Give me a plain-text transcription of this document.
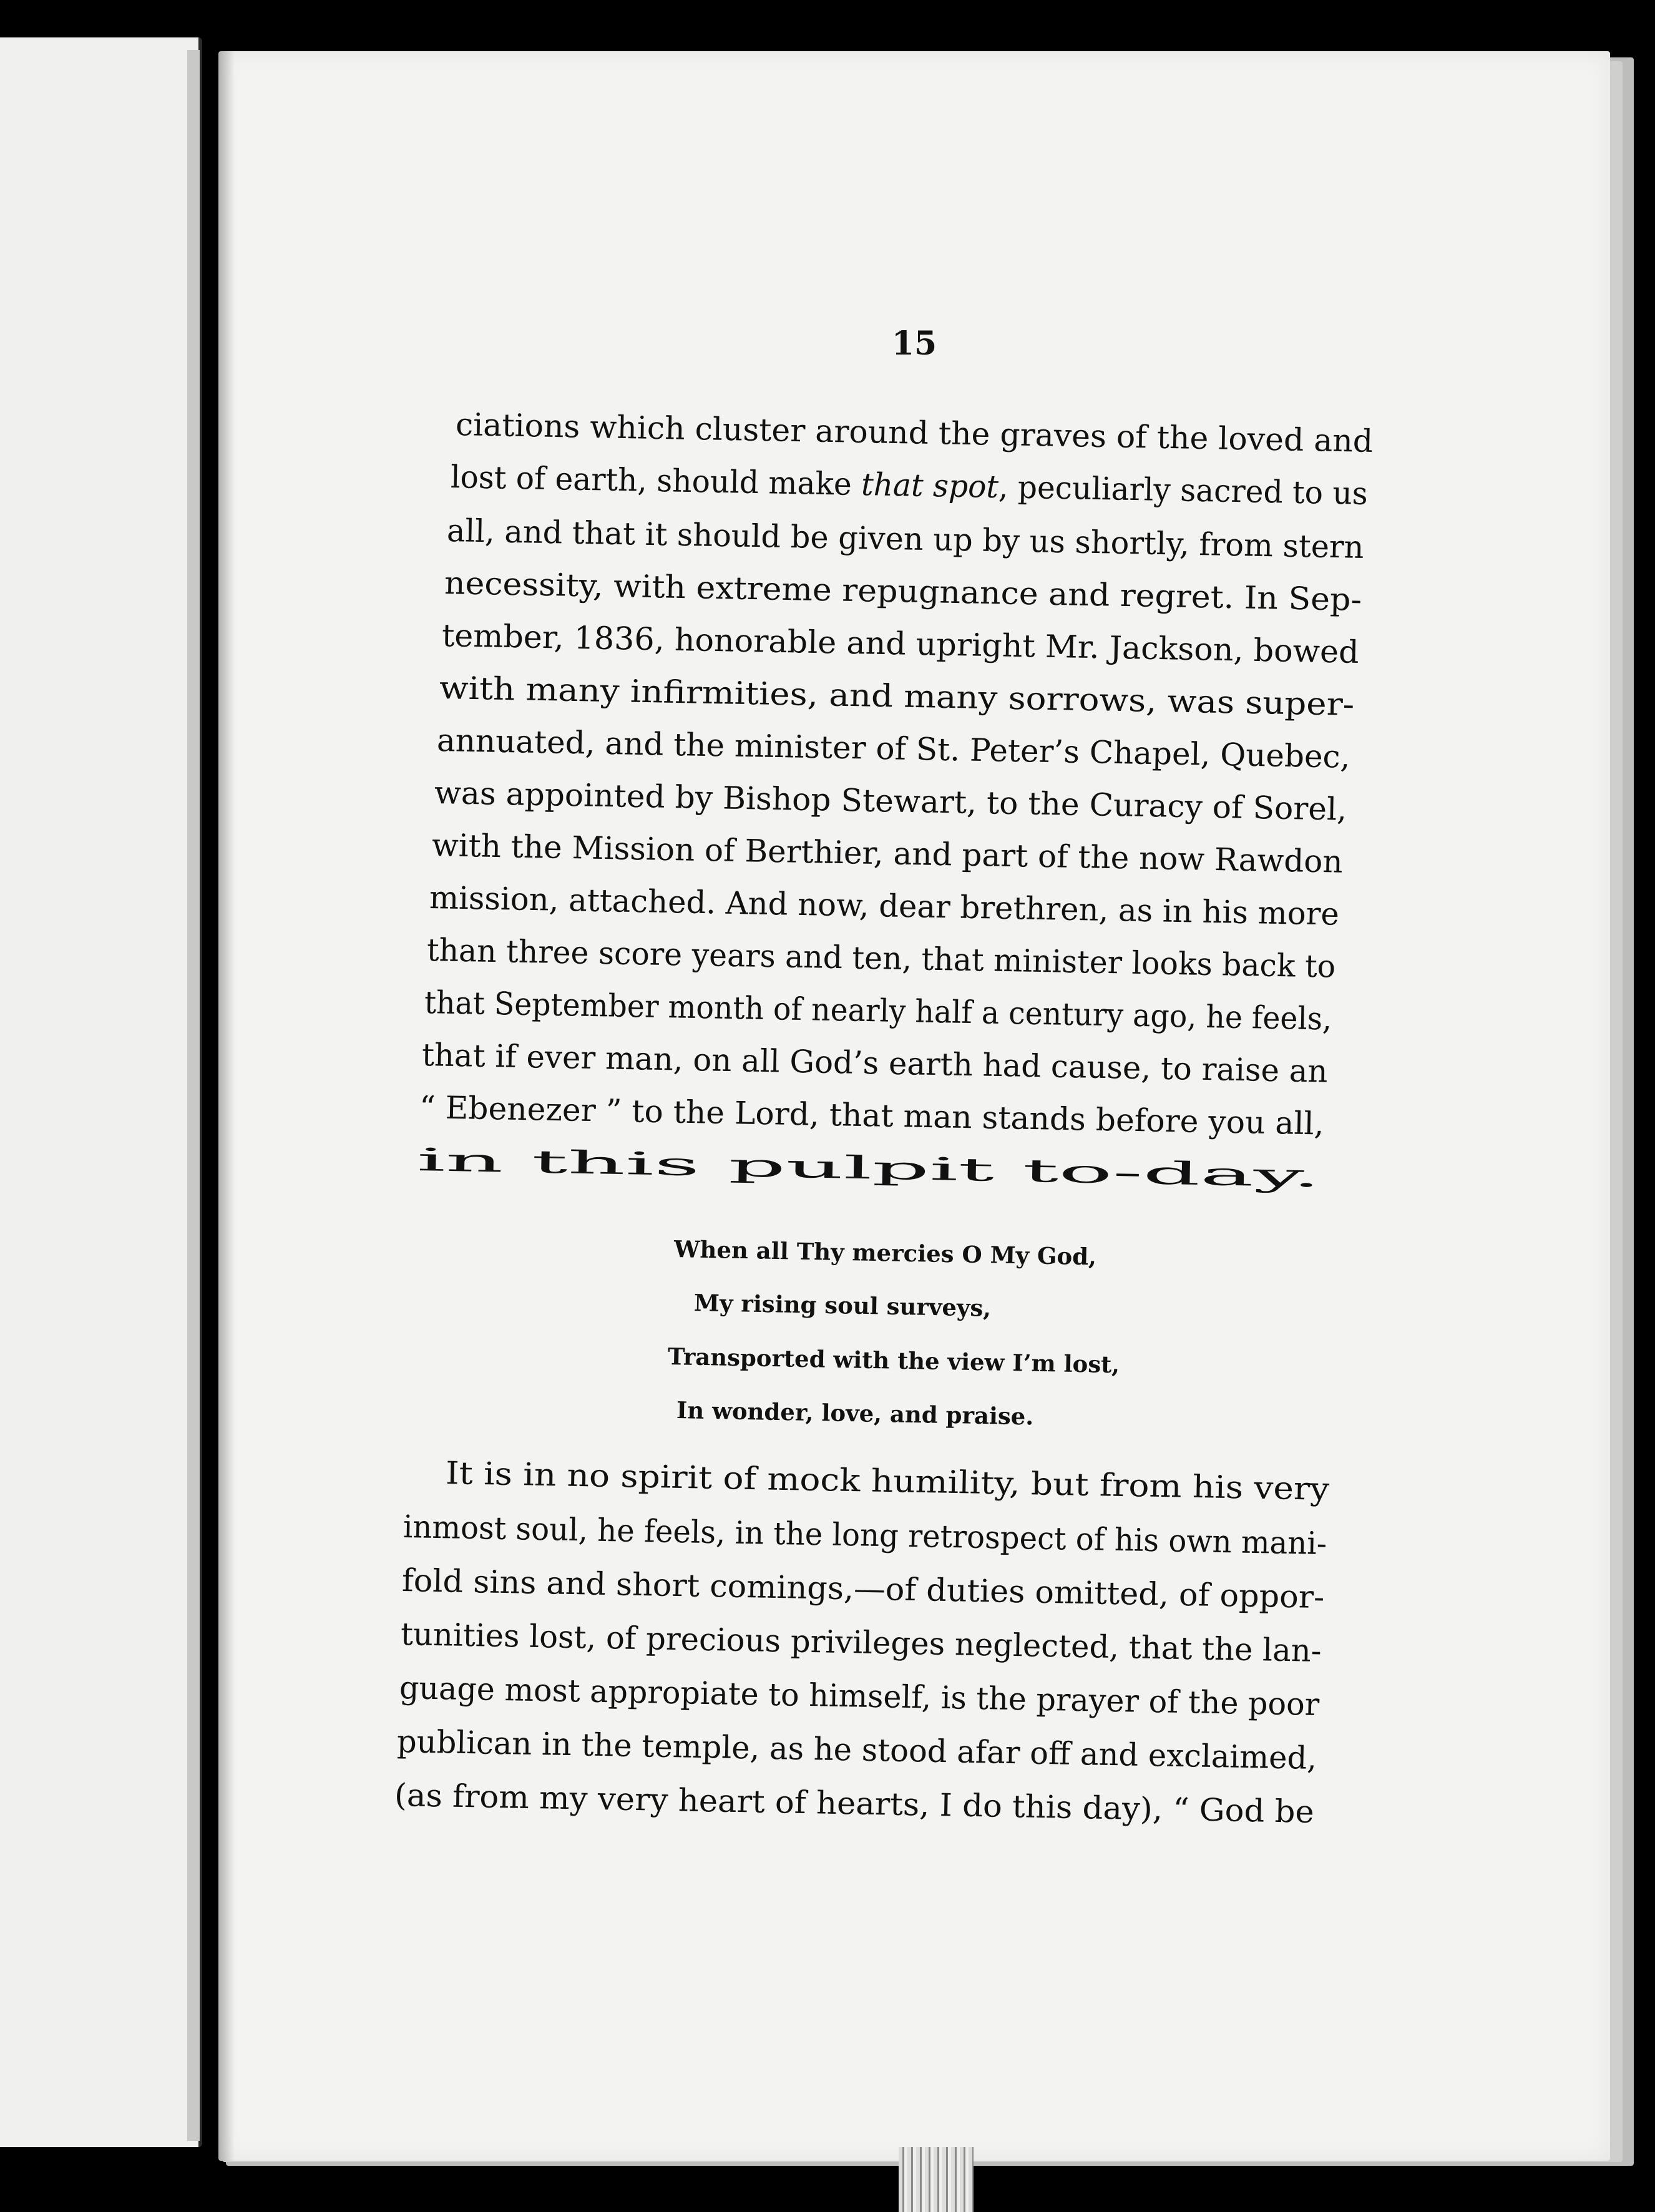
15
ciations which cluster around the graves of the loved and
lost of earth, should make that spot, peculiarly sacred to us
all, and that it should be given up by us shortly, from stern
necessity, with extreme repugnance and regret. In Sep-
tember, 1836, honorable and upright Mr. Jackson, bowed
with many infirmities, and many sorrows, was super-
annuated, and the minister of St. Peter’s Chapel, Quebec,
was appointed by Bishop Stewart, to the Curacy of Sorel,
with the Mission of Berthier, and part of the now Rawdon
mission, attached. And now, dear brethren, as in his more
than three score years and ten, that minister looks back to
that September month of nearly half a century ago, he feels,
that if ever man, on all God’s earth had cause, to raise an
“ Ebenezer ” to the Lord, that man stands before you all,
in this pulpit to-day.
When all Thy mercies O My God,
My rising soul surveys,
Transported with the view I’m lost,
In wonder, love, and praise.
It is in no spirit of mock humility, but from his very
inmost soul, he feels, in the long retrospect of his own mani-
fold sins and short comings,—of duties omitted, of oppor-
tunities lost, of precious privileges neglected, that the lan-
guage most appropiate to himself, is the prayer of the poor
publican in the temple, as he stood afar off and exclaimed,
(as from my very heart of hearts, I do this day), “ God be
